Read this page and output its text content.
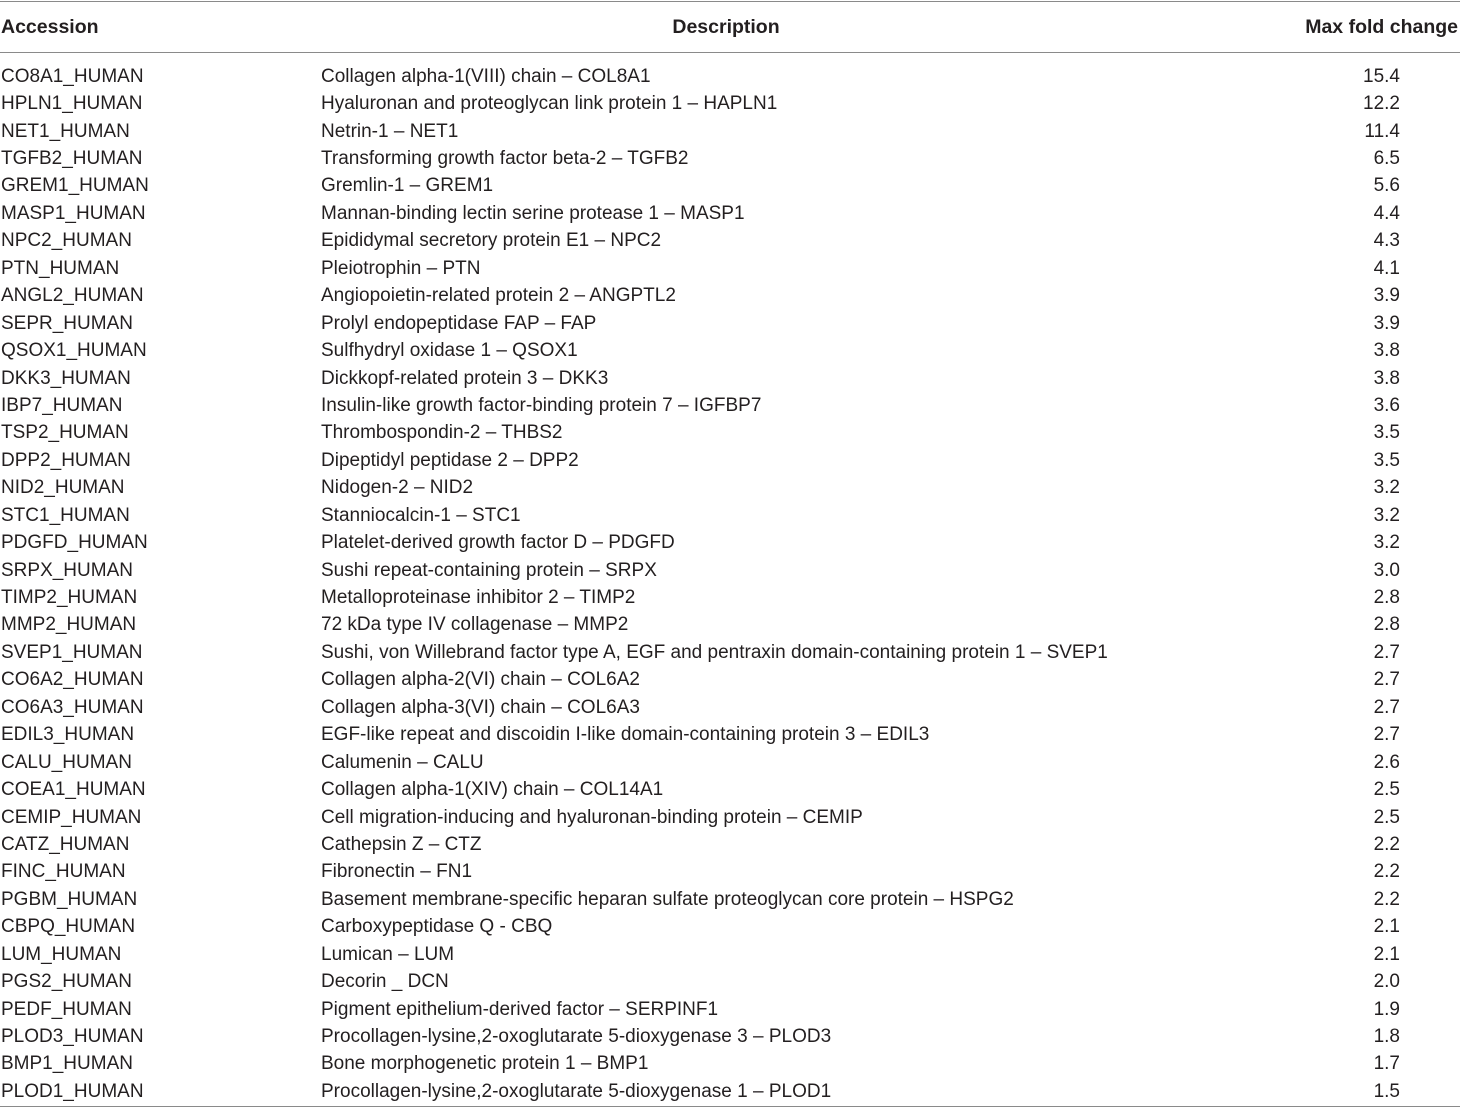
Accession	Description	Max fold change
CO8A1_HUMAN	Collagen alpha-1(VIII) chain – COL8A1	15.4
HPLN1_HUMAN	Hyaluronan and proteoglycan link protein 1 – HAPLN1	12.2
NET1_HUMAN	Netrin-1 – NET1	11.4
TGFB2_HUMAN	Transforming growth factor beta-2 – TGFB2	6.5
GREM1_HUMAN	Gremlin-1 – GREM1	5.6
MASP1_HUMAN	Mannan-binding lectin serine protease 1 – MASP1	4.4
NPC2_HUMAN	Epididymal secretory protein E1 – NPC2	4.3
PTN_HUMAN	Pleiotrophin – PTN	4.1
ANGL2_HUMAN	Angiopoietin-related protein 2 – ANGPTL2	3.9
SEPR_HUMAN	Prolyl endopeptidase FAP – FAP	3.9
QSOX1_HUMAN	Sulfhydryl oxidase 1 – QSOX1	3.8
DKK3_HUMAN	Dickkopf-related protein 3 – DKK3	3.8
IBP7_HUMAN	Insulin-like growth factor-binding protein 7 – IGFBP7	3.6
TSP2_HUMAN	Thrombospondin-2 – THBS2	3.5
DPP2_HUMAN	Dipeptidyl peptidase 2 – DPP2	3.5
NID2_HUMAN	Nidogen-2 – NID2	3.2
STC1_HUMAN	Stanniocalcin-1 – STC1	3.2
PDGFD_HUMAN	Platelet-derived growth factor D – PDGFD	3.2
SRPX_HUMAN	Sushi repeat-containing protein – SRPX	3.0
TIMP2_HUMAN	Metalloproteinase inhibitor 2 – TIMP2	2.8
MMP2_HUMAN	72 kDa type IV collagenase – MMP2	2.8
SVEP1_HUMAN	Sushi, von Willebrand factor type A, EGF and pentraxin domain-containing protein 1 – SVEP1	2.7
CO6A2_HUMAN	Collagen alpha-2(VI) chain – COL6A2	2.7
CO6A3_HUMAN	Collagen alpha-3(VI) chain – COL6A3	2.7
EDIL3_HUMAN	EGF-like repeat and discoidin I-like domain-containing protein 3 – EDIL3	2.7
CALU_HUMAN	Calumenin – CALU	2.6
COEA1_HUMAN	Collagen alpha-1(XIV) chain – COL14A1	2.5
CEMIP_HUMAN	Cell migration-inducing and hyaluronan-binding protein – CEMIP	2.5
CATZ_HUMAN	Cathepsin Z – CTZ	2.2
FINC_HUMAN	Fibronectin – FN1	2.2
PGBM_HUMAN	Basement membrane-specific heparan sulfate proteoglycan core protein – HSPG2	2.2
CBPQ_HUMAN	Carboxypeptidase Q - CBQ	2.1
LUM_HUMAN	Lumican – LUM	2.1
PGS2_HUMAN	Decorin _ DCN	2.0
PEDF_HUMAN	Pigment epithelium-derived factor – SERPINF1	1.9
PLOD3_HUMAN	Procollagen-lysine,2-oxoglutarate 5-dioxygenase 3 – PLOD3	1.8
BMP1_HUMAN	Bone morphogenetic protein 1 – BMP1	1.7
PLOD1_HUMAN	Procollagen-lysine,2-oxoglutarate 5-dioxygenase 1 – PLOD1	1.5
